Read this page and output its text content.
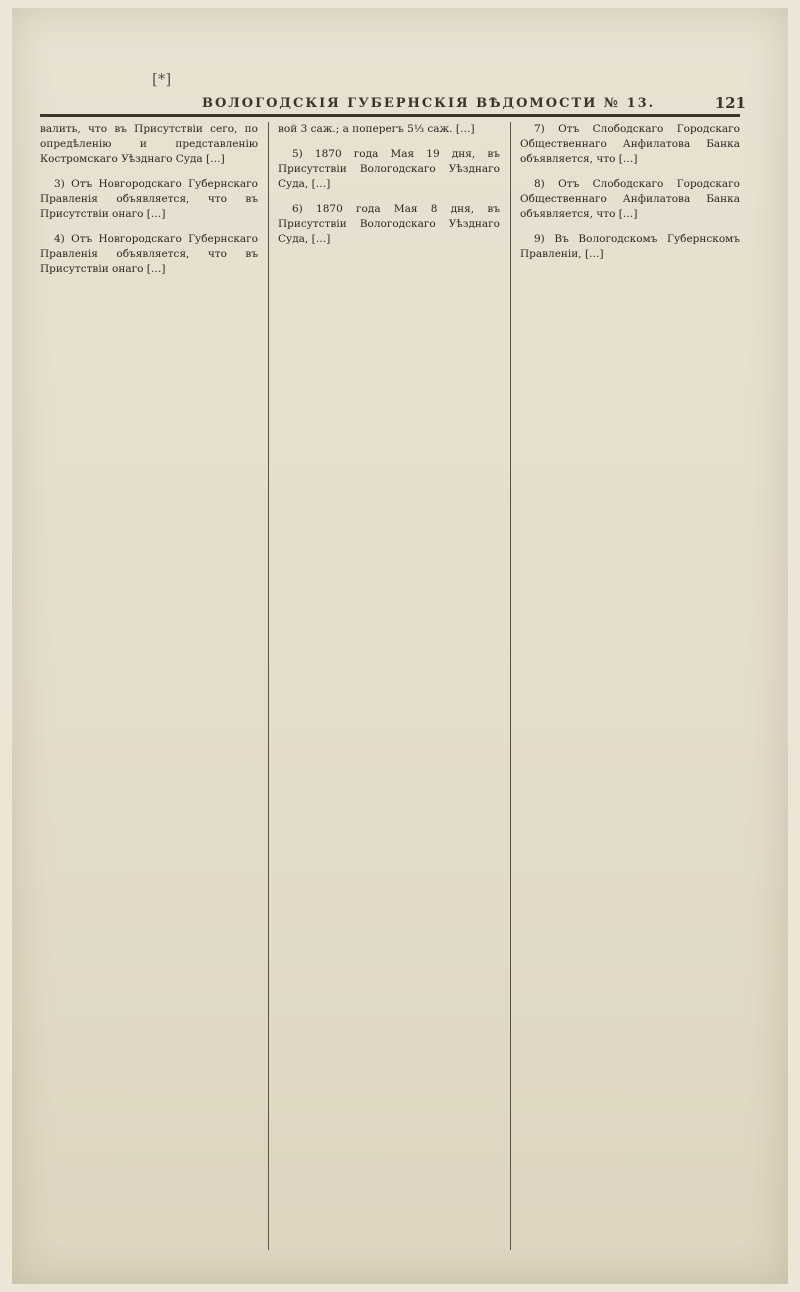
[*]
ВОЛОГОДСКІЯ ГУБЕРНСКІЯ ВѢДОМОСТИ № 13.	121

валить, что въ Присутствіи сего, по опредѣленію и представленію Костромскаго Уѣзднаго Суда […]

3) Отъ Новгородскаго Губернскаго Правленія объявляется, что въ Присутствіи онаго […]

4) Отъ Новгородскаго Губернскаго Правленія объявляется, что въ Присутствіи онаго […]

вой 3 саж.; а поперегъ 5⅓ саж. […]

5) 1870 года Мая 19 дня, въ Присутствіи Вологодскаго Уѣзднаго Суда, […]

6) 1870 года Мая 8 дня, въ Присутствіи Вологодскаго Уѣзднаго Суда, […]

7) Отъ Слободскаго Городскаго Общественнаго Анфилатова Банка объявляется, что […]

8) Отъ Слободскаго Городскаго Общественнаго Анфилатова Банка объявляется, что […]

9) Въ Вологодскомъ Губернскомъ Правленіи, […]
